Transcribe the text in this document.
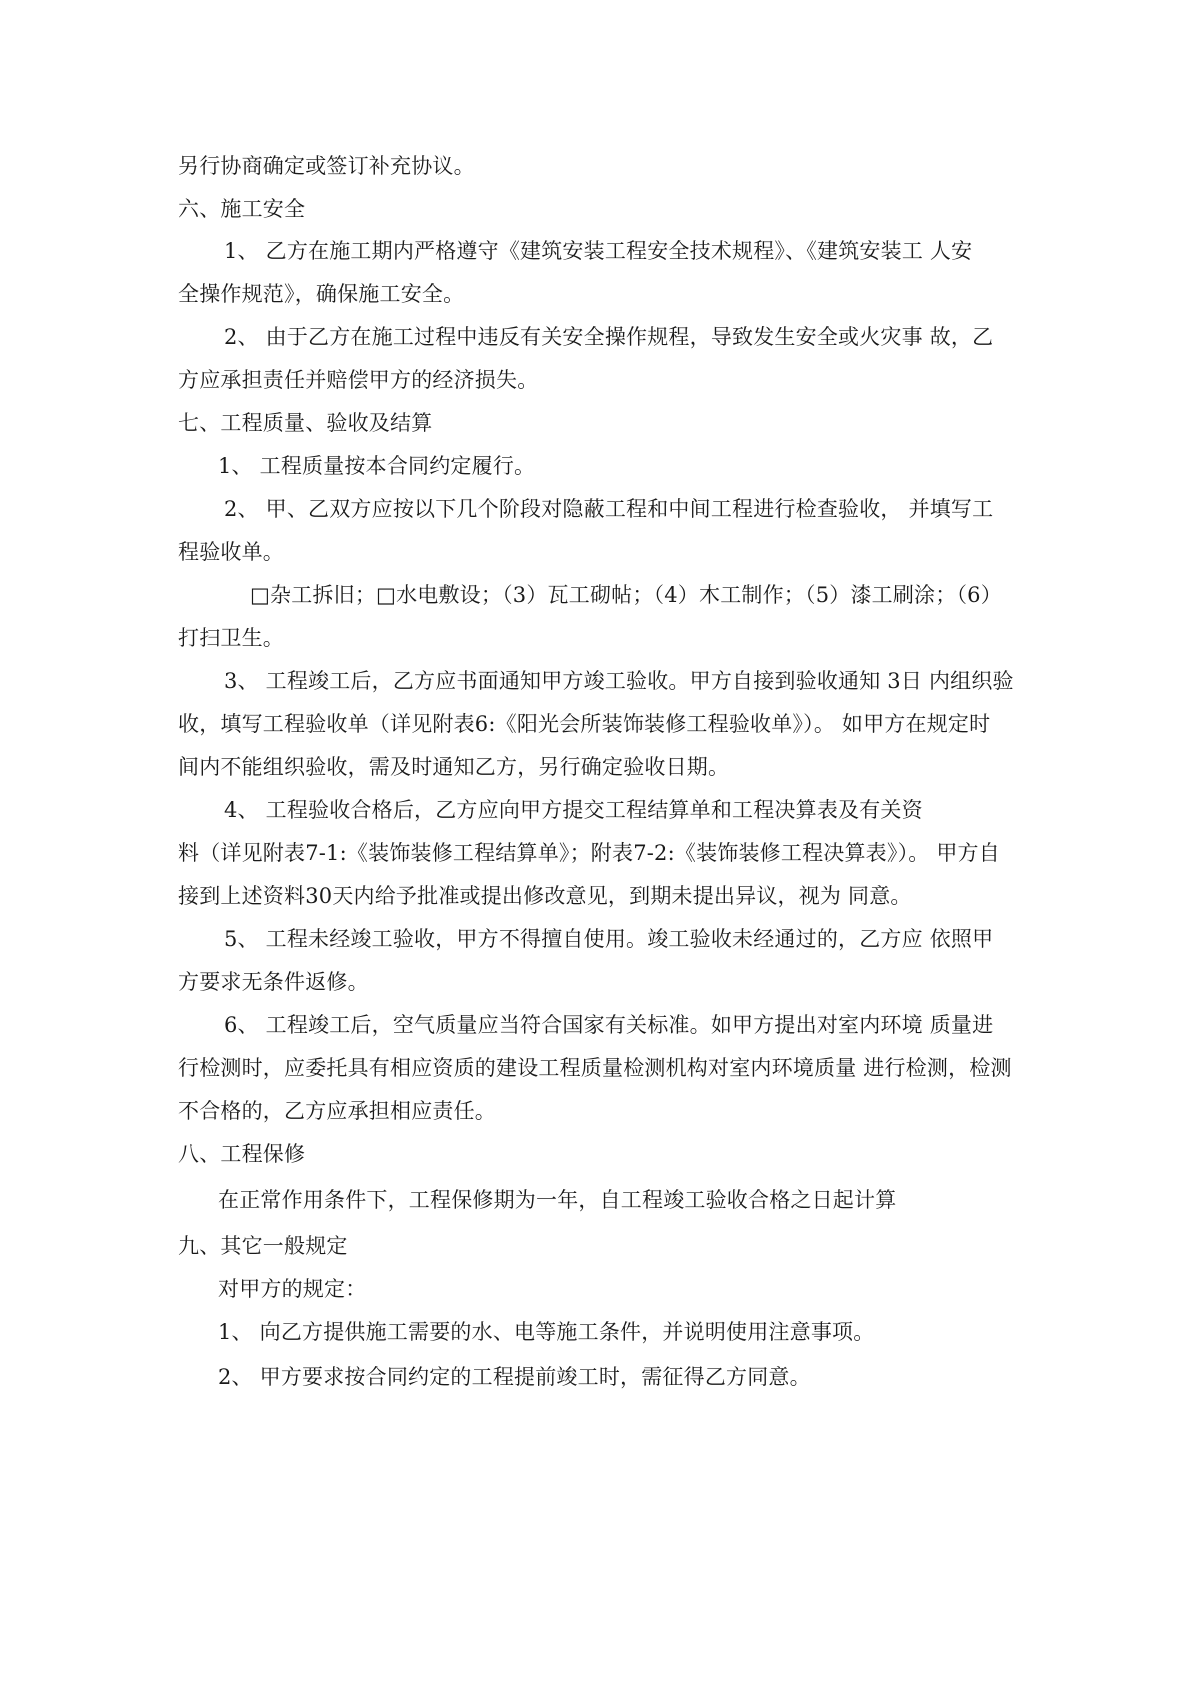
另行协商确定或签订补充协议。
六、施工安全
1、 乙方在施工期内严格遵守《建筑安装工程安全技术规程》、《建筑安装工 人安
全操作规范》，确保施工安全。
2、 由于乙方在施工过程中违反有关安全操作规程，导致发生安全或火灾事 故，乙
方应承担责任并赔偿甲方的经济损失。
七、工程质量、验收及结算
1、 工程质量按本合同约定履行。
2、 甲、乙双方应按以下几个阶段对隐蔽工程和中间工程进行检查验收， 并填写工
程验收单。
□杂工拆旧；□水电敷设；（3）瓦工砌帖；（4）木工制作；（5）漆工刷涂；（6）
打扫卫生。
3、 工程竣工后，乙方应书面通知甲方竣工验收。甲方自接到验收通知 3日 内组织验
收，填写工程验收单（详见附表6:《阳光会所装饰装修工程验收单》）。 如甲方在规定时
间内不能组织验收，需及时通知乙方，另行确定验收日期。
4、 工程验收合格后，乙方应向甲方提交工程结算单和工程决算表及有关资
料（详见附表7-1:《装饰装修工程结算单》；附表7-2:《装饰装修工程决算表》）。 甲方自
接到上述资料30天内给予批准或提出修改意见，到期未提出异议，视为 同意。
5、 工程未经竣工验收，甲方不得擅自使用。竣工验收未经通过的，乙方应 依照甲
方要求无条件返修。
6、 工程竣工后，空气质量应当符合国家有关标准。如甲方提出对室内环境 质量进
行检测时，应委托具有相应资质的建设工程质量检测机构对室内环境质量 进行检测，检测
不合格的，乙方应承担相应责任。
八、工程保修
在正常作用条件下，工程保修期为一年，自工程竣工验收合格之日起计算
九、其它一般规定
对甲方的规定：
1、 向乙方提供施工需要的水、电等施工条件，并说明使用注意事项。
2、 甲方要求按合同约定的工程提前竣工时，需征得乙方同意。
